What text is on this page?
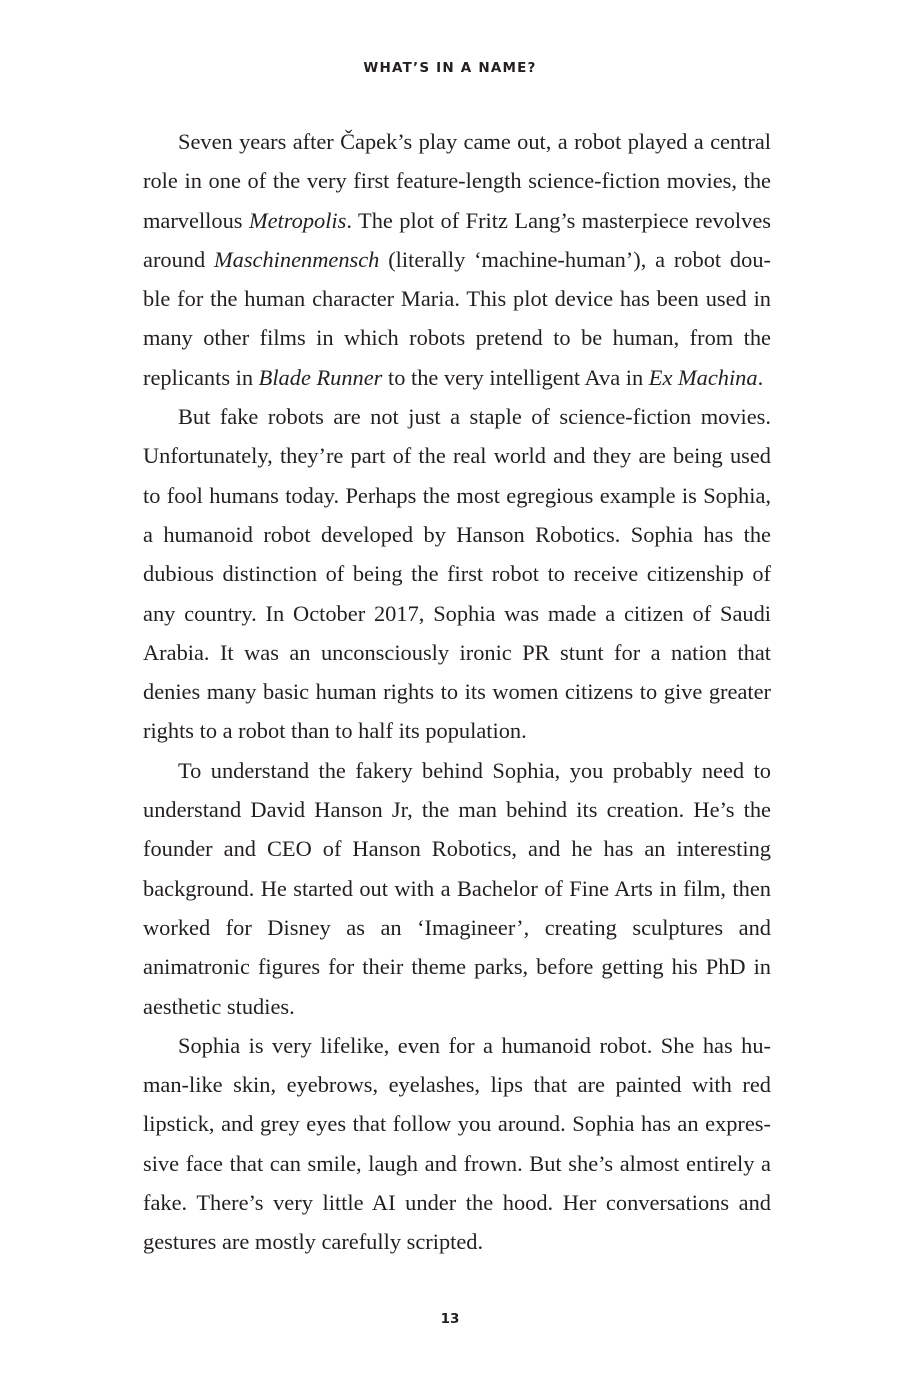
WHAT’S IN A NAME?

Seven years after Čapek’s play came out, a robot played a central role in one of the very first feature-length science-fiction movies, the marvellous Metropolis. The plot of Fritz Lang’s masterpiece revolves around Maschinenmensch (literally ‘machine-human’), a robot double for the human character Maria. This plot device has been used in many other films in which robots pretend to be human, from the replicants in Blade Runner to the very intelligent Ava in Ex Machina.

But fake robots are not just a staple of science-fiction movies. Unfortunately, they’re part of the real world and they are being used to fool humans today. Perhaps the most egregious example is Sophia, a humanoid robot developed by Hanson Robotics. Sophia has the dubious distinction of being the first robot to receive citizenship of any country. In October 2017, Sophia was made a citizen of Saudi Arabia. It was an unconsciously ironic PR stunt for a nation that denies many basic human rights to its women citizens to give greater rights to a robot than to half its population.

To understand the fakery behind Sophia, you probably need to understand David Hanson Jr, the man behind its creation. He’s the founder and CEO of Hanson Robotics, and he has an interesting background. He started out with a Bachelor of Fine Arts in film, then worked for Disney as an ‘Imagineer’, creating sculptures and animatronic figures for their theme parks, before getting his PhD in aesthetic studies.

Sophia is very lifelike, even for a humanoid robot. She has human-like skin, eyebrows, eyelashes, lips that are painted with red lipstick, and grey eyes that follow you around. Sophia has an expressive face that can smile, laugh and frown. But she’s almost entirely a fake. There’s very little AI under the hood. Her conversations and gestures are mostly carefully scripted.

13
